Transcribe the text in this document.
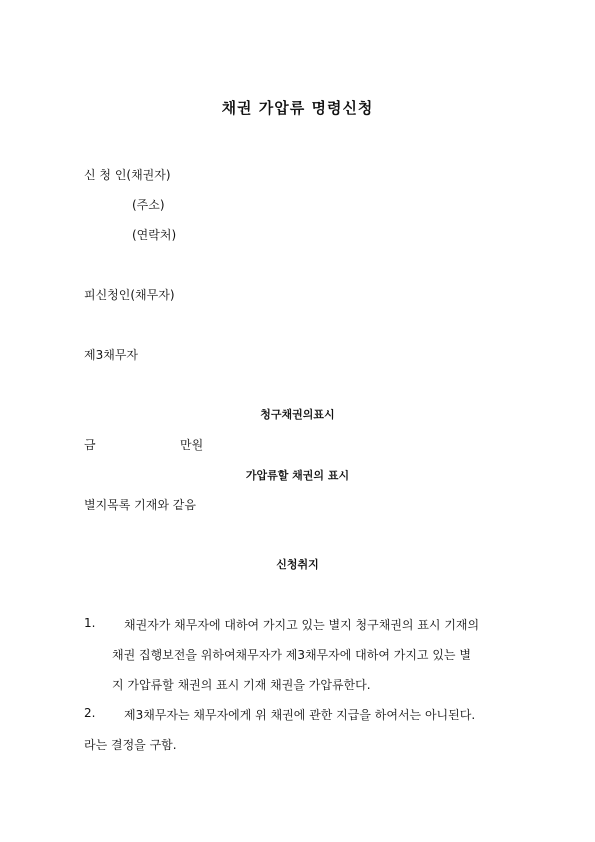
채권 가압류 명령신청
신 청 인(채권자)
(주소)
(연락처)
피신청인(채무자)
제3채무자
청구채권의표시
금	만원
가압류할 채권의 표시
별지목록 기재와 같음
신청취지
1. 채권자가 채무자에 대하여 가지고 있는 별지 청구채권의 표시 기재의
채권 집행보전을 위하여채무자가 제3채무자에 대하여 가지고 있는 별
지 가압류할 채권의 표시 기재 채권을 가압류한다.
2. 제3채무자는 채무자에게 위 채권에 관한 지급을 하여서는 아니된다.
라는 결정을 구함.
